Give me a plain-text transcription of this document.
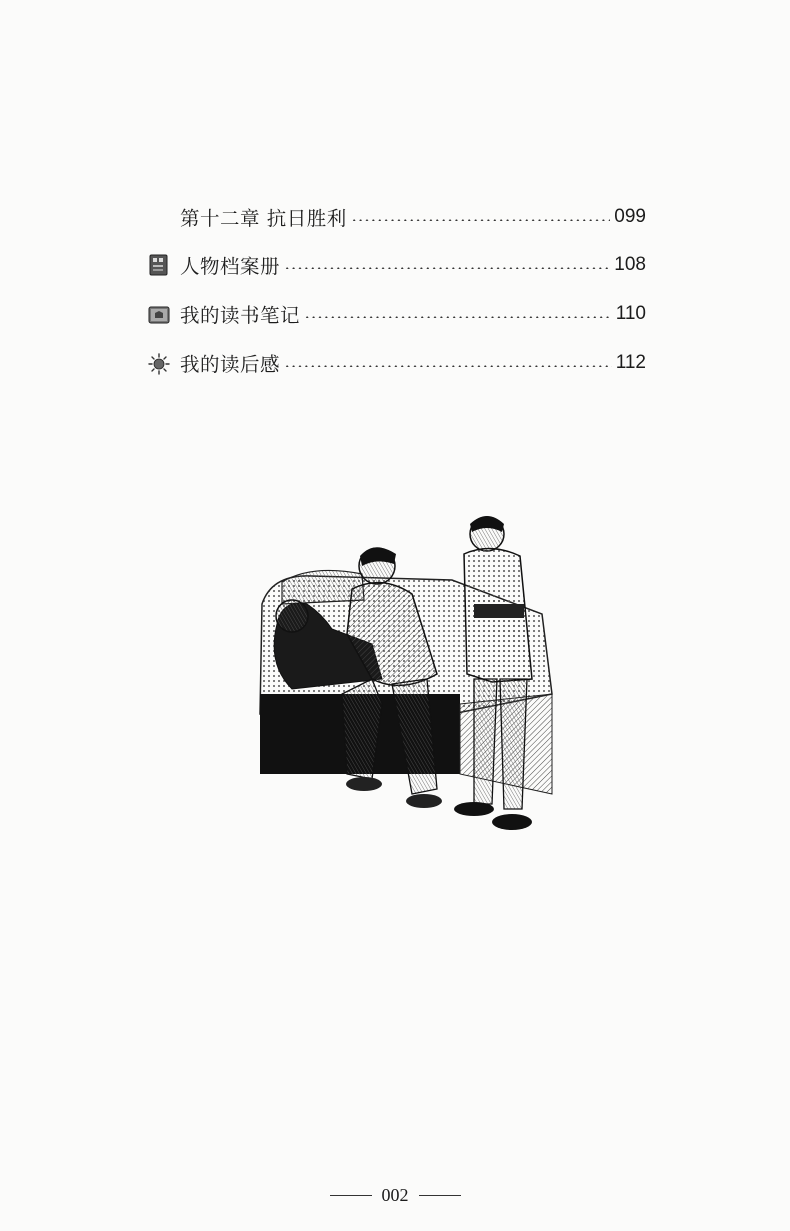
第十二章 抗日胜利	099
人物档案册	108
我的读书笔记	110
我的读后感	112
002
